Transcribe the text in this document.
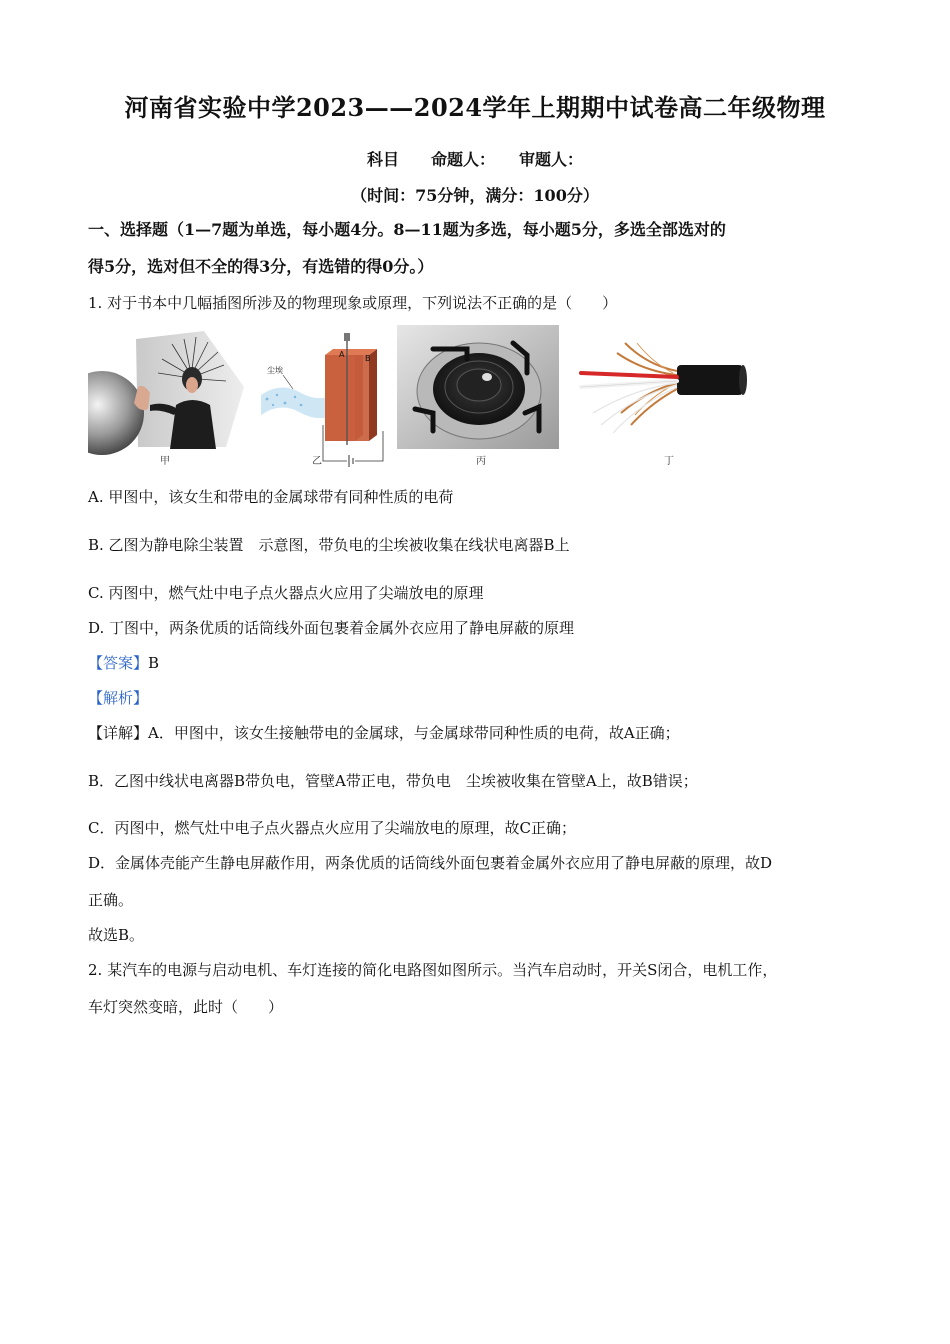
河南省实验中学2023——2024学年上期期中试卷高二年级物理
科目　　命题人：　　审题人：
（时间：75分钟，满分：100分）
一、选择题（1—7题为单选，每小题4分。8—11题为多选，每小题5分，多选全部选对的
得5分，选对但不全的得3分，有选错的得0分。）
1. 对于书本中几幅插图所涉及的物理现象或原理，下列说法不正确的是（　　）
甲
A	B
尘埃
乙	丙	丁
A. 甲图中，该女生和带电的金属球带有同种性质的电荷
B. 乙图为静电除尘装置　示意图，带负电的尘埃被收集在线状电离器B上
C. 丙图中，燃气灶中电子点火器点火应用了尖端放电的原理
D. 丁图中，两条优质的话筒线外面包裹着金属外衣应用了静电屏蔽的原理
【答案】B
【解析】
【详解】A．甲图中，该女生接触带电的金属球，与金属球带同种性质的电荷，故A正确；
B．乙图中线状电离器B带负电，管壁A带正电，带负电　尘埃被收集在管壁A上，故B错误；
C．丙图中，燃气灶中电子点火器点火应用了尖端放电的原理，故C正确；
D．金属体壳能产生静电屏蔽作用，两条优质的话筒线外面包裹着金属外衣应用了静电屏蔽的原理，故D
正确。
故选B。
2. 某汽车的电源与启动电机、车灯连接的简化电路图如图所示。当汽车启动时，开关S闭合，电机工作，
车灯突然变暗，此时（　　）
